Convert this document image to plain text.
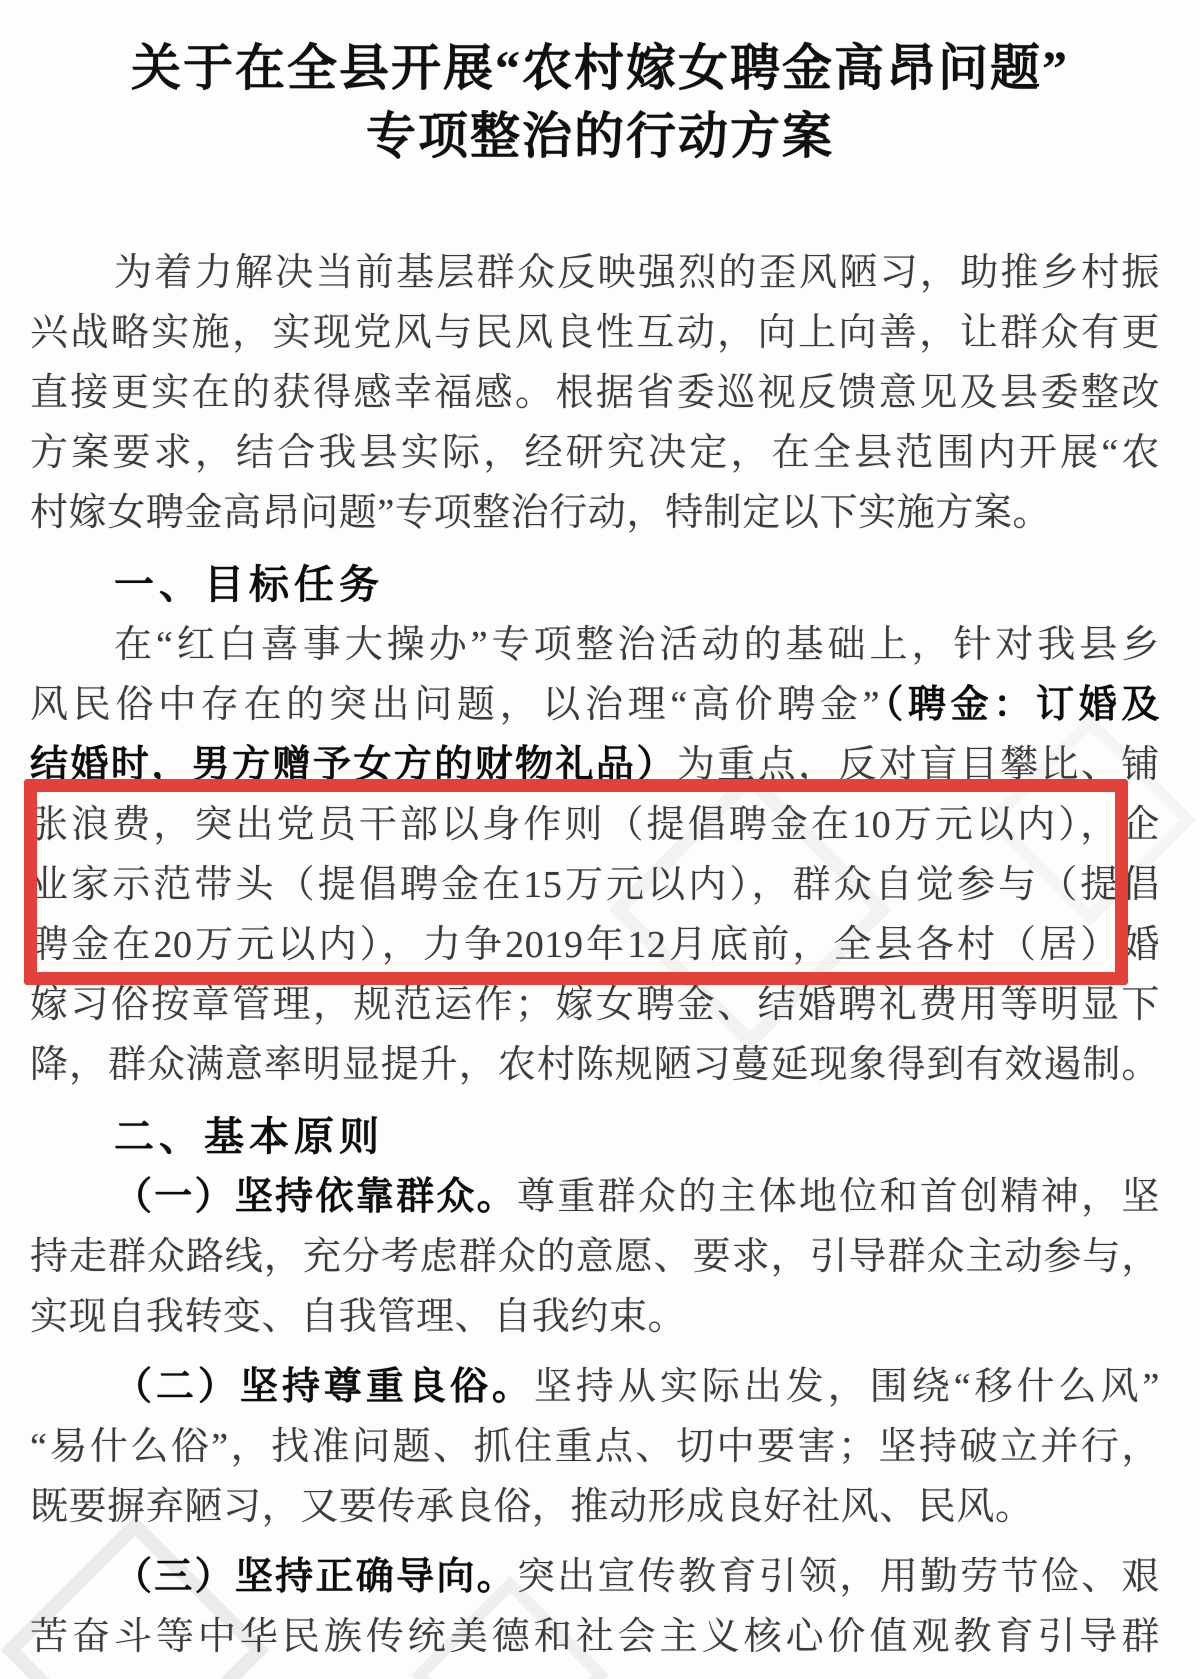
关于在全县开展“农村嫁女聘金高昂问题”
专项整治的行动方案
为着力解决当前基层群众反映强烈的歪风陋习，助推乡村振
兴战略实施，实现党风与民风良性互动，向上向善，让群众有更
直接更实在的获得感幸福感。根据省委巡视反馈意见及县委整改
方案要求，结合我县实际，经研究决定，在全县范围内开展“农
村嫁女聘金高昂问题”专项整治行动，特制定以下实施方案。
一、目标任务
在“红白喜事大操办”专项整治活动的基础上，针对我县乡
风民俗中存在的突出问题，以治理“高价聘金”（聘金：订婚及
结婚时，男方赠予女方的财物礼品）为重点，反对盲目攀比、铺
张浪费，突出党员干部以身作则（提倡聘金在10万元以内），企
业家示范带头（提倡聘金在15万元以内），群众自觉参与（提倡
聘金在20万元以内），力争2019年12月底前，全县各村（居）婚
嫁习俗按章管理，规范运作；嫁女聘金、结婚聘礼费用等明显下
降，群众满意率明显提升，农村陈规陋习蔓延现象得到有效遏制。
二、基本原则
（一）坚持依靠群众。尊重群众的主体地位和首创精神，坚
持走群众路线，充分考虑群众的意愿、要求，引导群众主动参与，
实现自我转变、自我管理、自我约束。
（二）坚持尊重良俗。坚持从实际出发，围绕“移什么风”
“易什么俗”，找准问题、抓住重点、切中要害；坚持破立并行，
既要摒弃陋习，又要传承良俗，推动形成良好社风、民风。
（三）坚持正确导向。突出宣传教育引领，用勤劳节俭、艰
苦奋斗等中华民族传统美德和社会主义核心价值观教育引导群
